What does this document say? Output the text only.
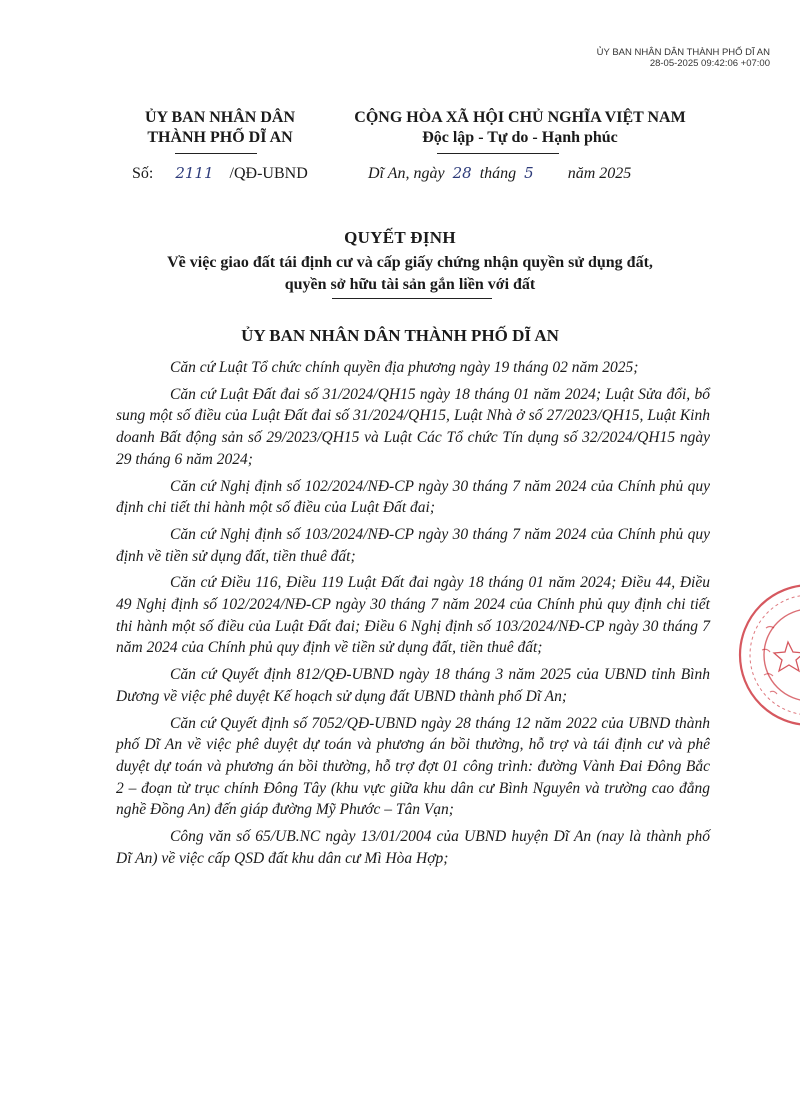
ỦY BAN NHÂN DÂN THÀNH PHỐ DĨ AN
28-05-2025 09:42:06 +07:00
ỦY BAN NHÂN DÂN
THÀNH PHỐ DĨ AN
CỘNG HÒA XÃ HỘI CHỦ NGHĨA VIỆT NAM
Độc lập - Tự do - Hạnh phúc
Số: 2111 /QĐ-UBND	Dĩ An, ngày 28 tháng 5 năm 2025
QUYẾT ĐỊNH
Về việc giao đất tái định cư và cấp giấy chứng nhận quyền sử dụng đất,
quyền sở hữu tài sản gắn liền với đất
ỦY BAN NHÂN DÂN THÀNH PHỐ DĨ AN

Căn cứ Luật Tổ chức chính quyền địa phương ngày 19 tháng 02 năm 2025;

Căn cứ Luật Đất đai số 31/2024/QH15 ngày 18 tháng 01 năm 2024; Luật Sửa đổi, bổ sung một số điều của Luật Đất đai số 31/2024/QH15, Luật Nhà ở số 27/2023/QH15, Luật Kinh doanh Bất động sản số 29/2023/QH15 và Luật Các Tổ chức Tín dụng số 32/2024/QH15 ngày 29 tháng 6 năm 2024;

Căn cứ Nghị định số 102/2024/NĐ-CP ngày 30 tháng 7 năm 2024 của Chính phủ quy định chi tiết thi hành một số điều của Luật Đất đai;

Căn cứ Nghị định số 103/2024/NĐ-CP ngày 30 tháng 7 năm 2024 của Chính phủ quy định về tiền sử dụng đất, tiền thuê đất;

Căn cứ Điều 116, Điều 119 Luật Đất đai ngày 18 tháng 01 năm 2024; Điều 44, Điều 49 Nghị định số 102/2024/NĐ-CP ngày 30 tháng 7 năm 2024 của Chính phủ quy định chi tiết thi hành một số điều của Luật Đất đai; Điều 6 Nghị định số 103/2024/NĐ-CP ngày 30 tháng 7 năm 2024 của Chính phủ quy định về tiền sử dụng đất, tiền thuê đất;

Căn cứ Quyết định 812/QĐ-UBND ngày 18 tháng 3 năm 2025 của UBND tỉnh Bình Dương về việc phê duyệt Kế hoạch sử dụng đất UBND thành phố Dĩ An;

Căn cứ Quyết định số 7052/QĐ-UBND ngày 28 tháng 12 năm 2022 của UBND thành phố Dĩ An về việc phê duyệt dự toán và phương án bồi thường, hỗ trợ và tái định cư và phê duyệt dự toán và phương án bồi thường, hỗ trợ đợt 01 công trình: đường Vành Đai Đông Bắc 2 – đoạn từ trục chính Đông Tây (khu vực giữa khu dân cư Bình Nguyên và trường cao đẳng nghề Đồng An) đến giáp đường Mỹ Phước – Tân Vạn;

Công văn số 65/UB.NC ngày 13/01/2004 của UBND huyện Dĩ An (nay là thành phố Dĩ An) về việc cấp QSD đất khu dân cư Mì Hòa Hợp;
